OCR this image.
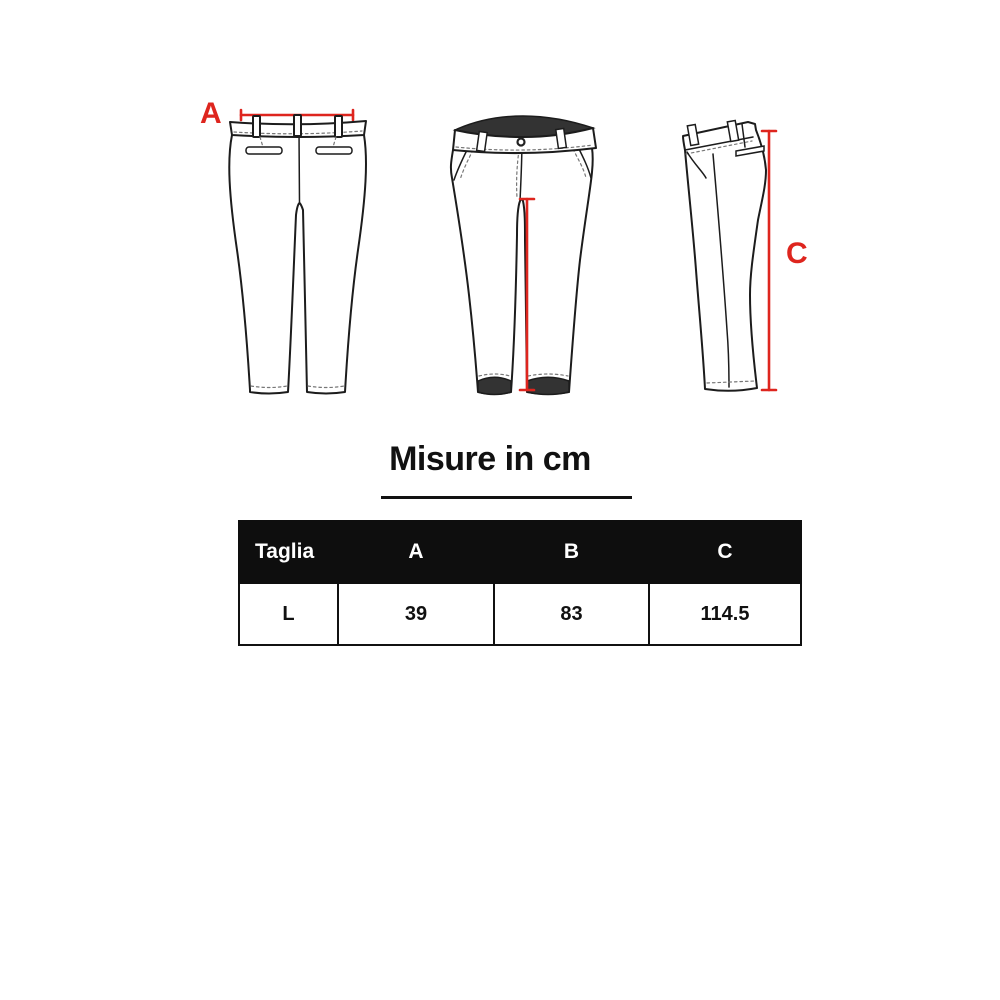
A
C
Misure in cm
Taglia	A	B	C
L	39	83	114.5
